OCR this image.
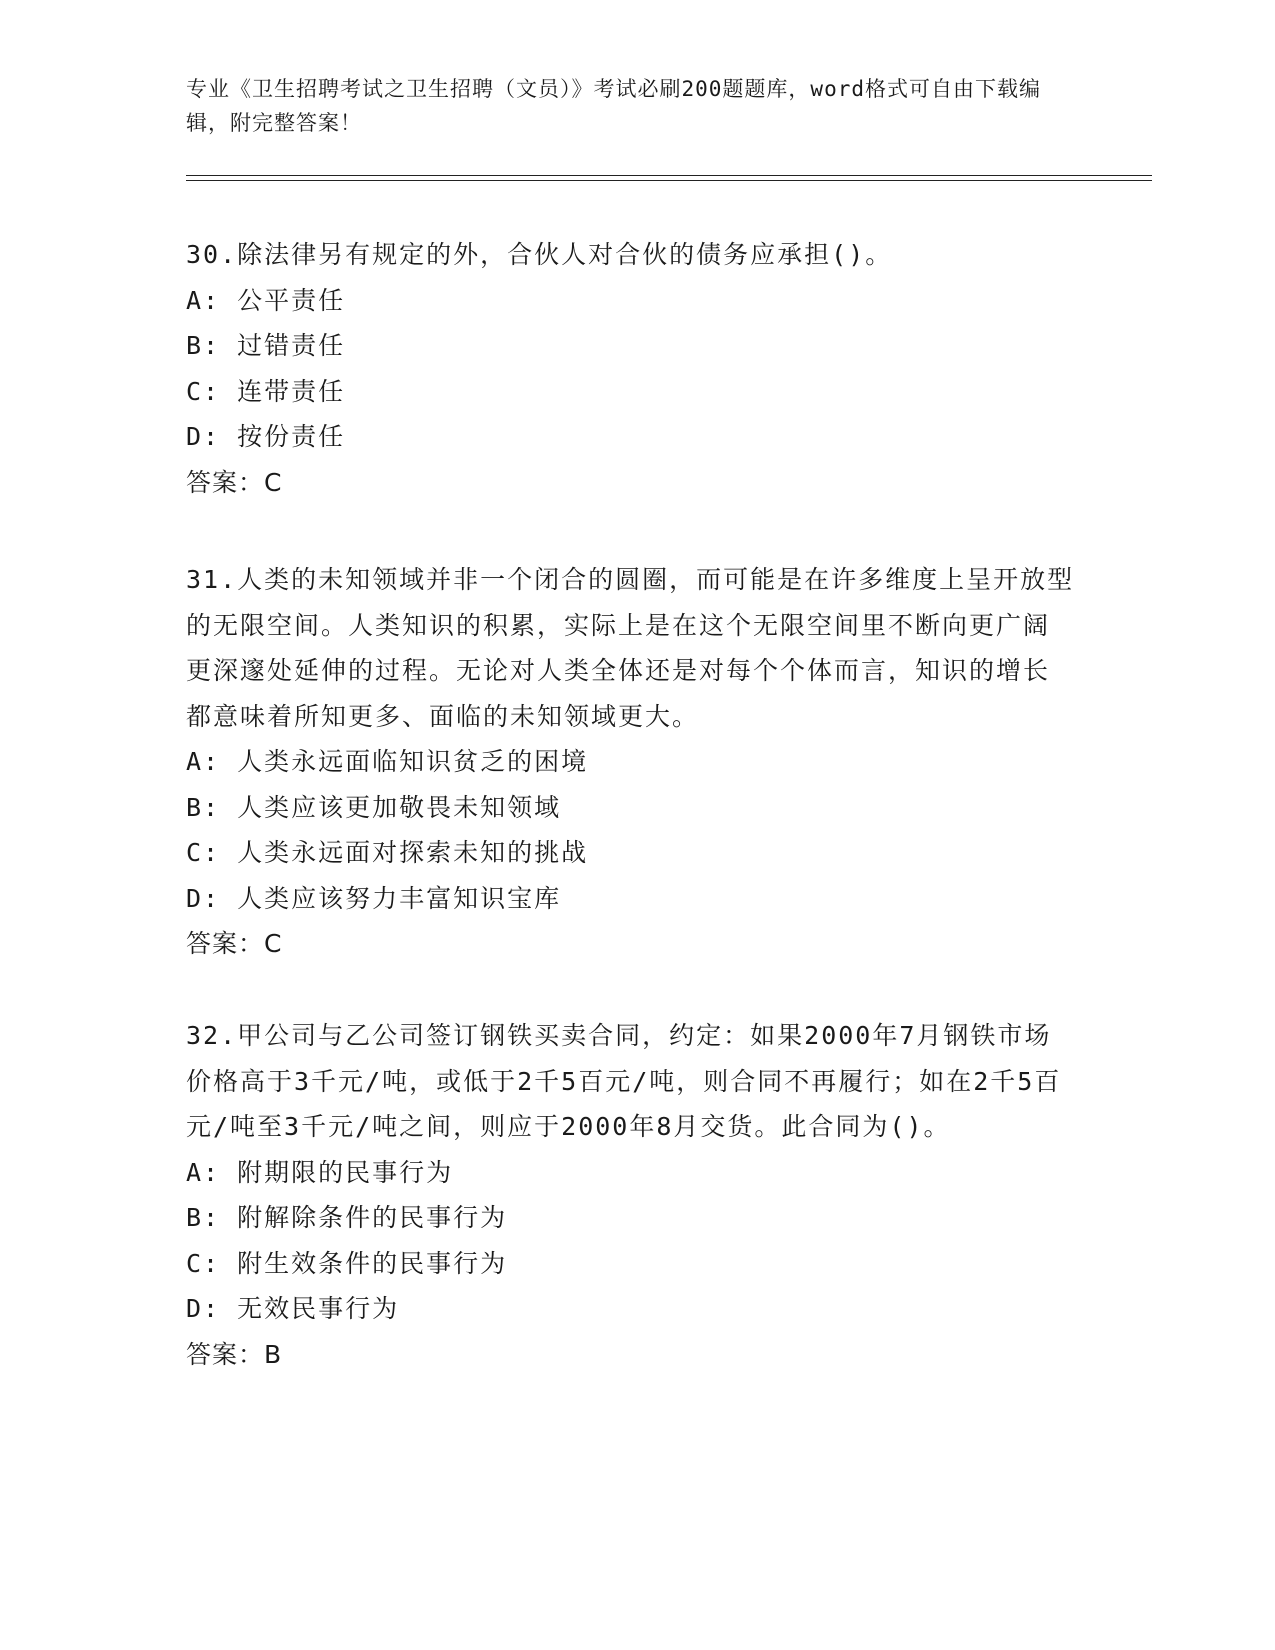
专业《卫生招聘考试之卫生招聘（文员）》考试必刷200题题库，word格式可自由下载编辑，附完整答案！
30.除法律另有规定的外，合伙人对合伙的债务应承担()。
A: 公平责任
B: 过错责任
C: 连带责任
D: 按份责任
答案：C
31.人类的未知领域并非一个闭合的圆圈，而可能是在许多维度上呈开放型的无限空间。人类知识的积累，实际上是在这个无限空间里不断向更广阔更深邃处延伸的过程。无论对人类全体还是对每个个体而言，知识的增长都意味着所知更多、面临的未知领域更大。
A: 人类永远面临知识贫乏的困境
B: 人类应该更加敬畏未知领域
C: 人类永远面对探索未知的挑战
D: 人类应该努力丰富知识宝库
答案：C
32.甲公司与乙公司签订钢铁买卖合同，约定：如果2000年7月钢铁市场价格高于3千元/吨，或低于2千5百元/吨，则合同不再履行；如在2千5百元/吨至3千元/吨之间，则应于2000年8月交货。此合同为()。
A: 附期限的民事行为
B: 附解除条件的民事行为
C: 附生效条件的民事行为
D: 无效民事行为
答案：B
